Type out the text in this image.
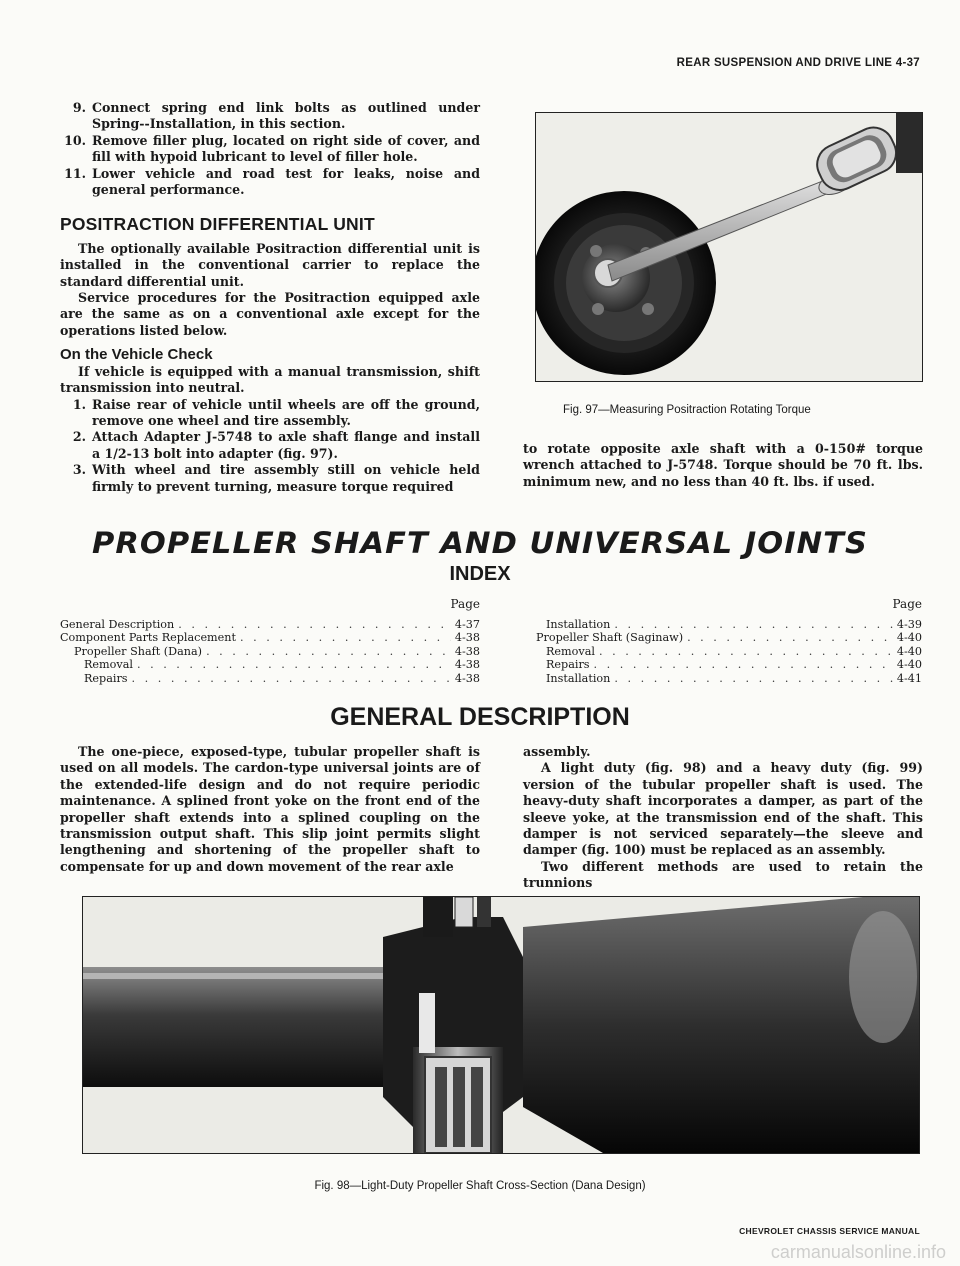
REAR SUSPENSION AND DRIVE LINE 4-37
9. Connect spring end link bolts as outlined under Spring--Installation, in this section.
10. Remove filler plug, located on right side of cover, and fill with hypoid lubricant to level of filler hole.
11. Lower vehicle and road test for leaks, noise and general performance.
POSITRACTION DIFFERENTIAL UNIT

The optionally available Positraction differential unit is installed in the conventional carrier to replace the standard differential unit.

Service procedures for the Positraction equipped axle are the same as on a conventional axle except for the operations listed below.

On the Vehicle Check

If vehicle is equipped with a manual transmission, shift transmission into neutral.

1. Raise rear of vehicle until wheels are off the ground, remove one wheel and tire assembly.
2. Attach Adapter J-5748 to axle shaft flange and install a 1/2-13 bolt into adapter (fig. 97).
3. With wheel and tire assembly still on vehicle held firmly to prevent turning, measure torque required
Fig. 97—Measuring Positraction Rotating Torque

to rotate opposite axle shaft with a 0-150# torque wrench attached to J-5748. Torque should be 70 ft. lbs. minimum new, and no less than 40 ft. lbs. if used.

PROPELLER SHAFT AND UNIVERSAL JOINTS
INDEX
Page
General Description . . .	4-37
Component Parts Replacement . . .	4-38
Propeller Shaft (Dana) . . .	4-38
Removal . . .	4-38
Repairs . . .	4-38
Page
Installation . . .	4-39
Propeller Shaft (Saginaw) . . .	4-40
Removal . . .	4-40
Repairs . . .	4-40
Installation . . .	4-41
GENERAL DESCRIPTION

The one-piece, exposed-type, tubular propeller shaft is used on all models. The cardon-type universal joints are of the extended-life design and do not require periodic maintenance. A splined front yoke on the front end of the propeller shaft extends into a splined coupling on the transmission output shaft. This slip joint permits slight lengthening and shortening of the propeller shaft to compensate for up and down movement of the rear axle

assembly.

A light duty (fig. 98) and a heavy duty (fig. 99) version of the tubular propeller shaft is used. The heavy-duty shaft incorporates a damper, as part of the sleeve yoke, at the transmission end of the shaft. This damper is not serviced separately—the sleeve and damper (fig. 100) must be replaced as an assembly.

Two different methods are used to retain the trunnions

Fig. 98—Light-Duty Propeller Shaft Cross-Section (Dana Design)
CHEVROLET CHASSIS SERVICE MANUAL
carmanualsonline.info
